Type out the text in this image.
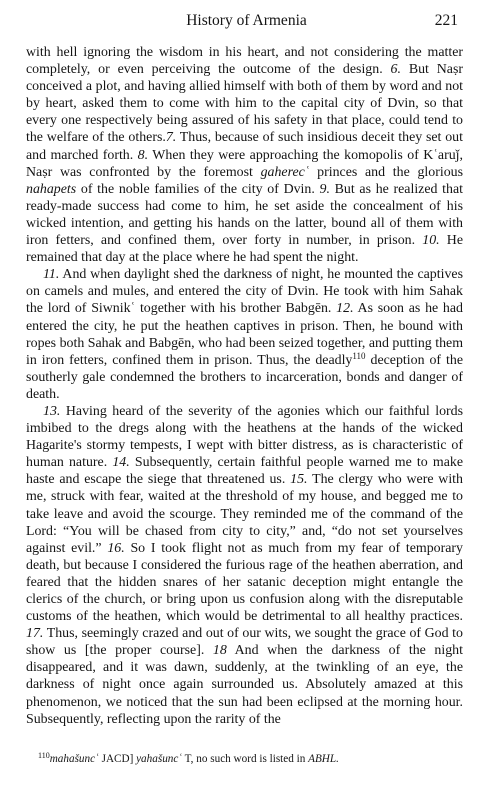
History of Armenia	221

with hell ignoring the wisdom in his heart, and not considering the matter completely, or even perceiving the outcome of the design. 6. But Naṣr conceived a plot, and having allied himself with both of them by word and not by heart, asked them to come with him to the capital city of Dvin, so that every one respectively being assured of his safety in that place, could tend to the welfare of the others.7. Thus, because of such insidious deceit they set out and marched forth. 8. When they were approaching the komopolis of Kʿaruǰ, Naṣr was confronted by the foremost gaherecʿ princes and the glorious nahapets of the noble families of the city of Dvin. 9. But as he realized that ready-made success had come to him, he set aside the concealment of his wicked intention, and getting his hands on the latter, bound all of them with iron fetters, and confined them, over forty in number, in prison. 10. He remained that day at the place where he had spent the night.

11. And when daylight shed the darkness of night, he mounted the captives on camels and mules, and entered the city of Dvin. He took with him Sahak the lord of Siwnikʿ together with his brother Babgēn. 12. As soon as he had entered the city, he put the heathen captives in prison. Then, he bound with ropes both Sahak and Babgēn, who had been seized together, and putting them in iron fetters, confined them in prison. Thus, the deadly$^{110}$ deception of the southerly gale condemned the brothers to incarceration, bonds and danger of death.

13. Having heard of the severity of the agonies which our faithful lords imbibed to the dregs along with the heathens at the hands of the wicked Hagarite's stormy tempests, I wept with bitter distress, as is characteristic of human nature. 14. Subsequently, certain faithful people warned me to make haste and escape the siege that threatened us. 15. The clergy who were with me, struck with fear, waited at the threshold of my house, and begged me to take leave and avoid the scourge. They reminded me of the command of the Lord: “You will be chased from city to city,” and, “do not set yourselves against evil.” 16. So I took flight not as much from my fear of temporary death, but because I considered the furious rage of the heathen aberration, and feared that the hidden snares of her satanic deception might entangle the clerics of the church, or bring upon us confusion along with the disreputable customs of the heathen, which would be detrimental to all healthy practices. 17. Thus, seemingly crazed and out of our wits, we sought the grace of God to show us [the proper course]. 18 And when the darkness of the night disappeared, and it was dawn, suddenly, at the twinkling of an eye, the darkness of night once again surrounded us. Absolutely amazed at this phenomenon, we noticed that the sun had been eclipsed at the morning hour. Subsequently, reflecting upon the rarity of the

$^{110}$mahašuncʿ JACD] yahašuncʿ T, no such word is listed in ABHL.
